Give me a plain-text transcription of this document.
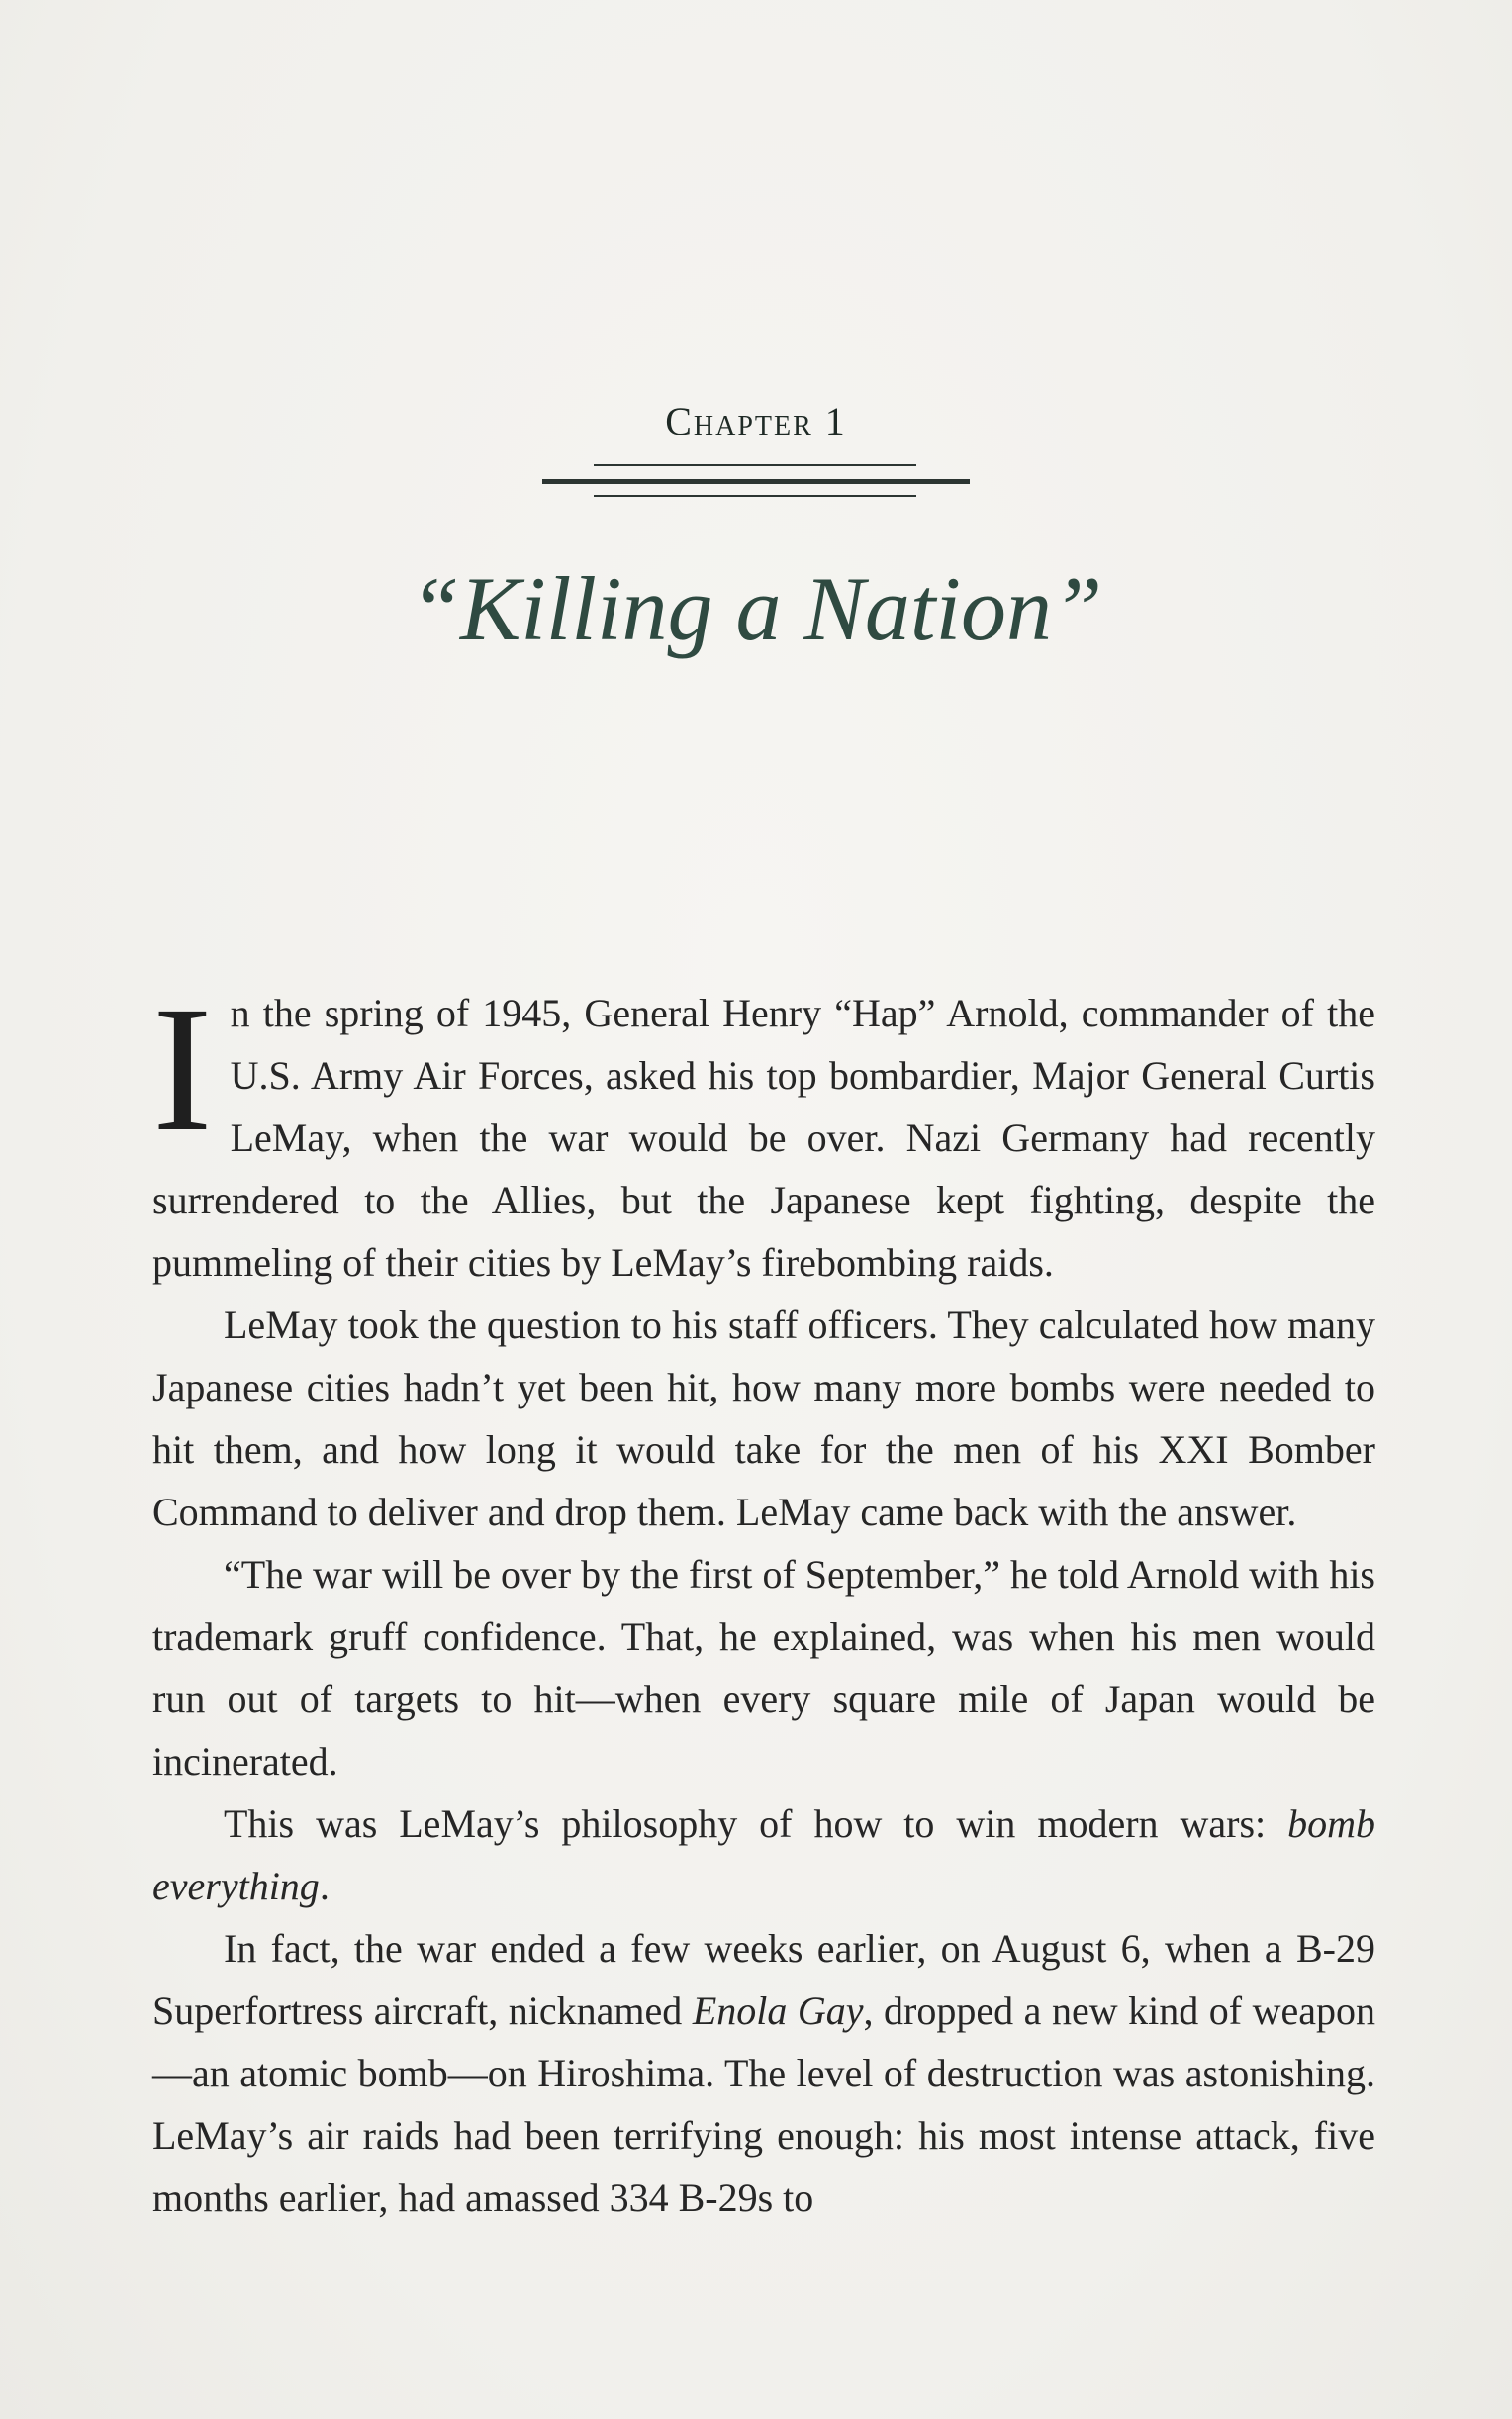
Chapter 1
“Killing a Nation”

In the spring of 1945, General Henry “Hap” Arnold, commander of the U.S. Army Air Forces, asked his top bombardier, Major General Curtis LeMay, when the war would be over. Nazi Germany had recently surrendered to the Allies, but the Japanese kept fighting, despite the pummeling of their cities by LeMay’s firebombing raids.

LeMay took the question to his staff officers. They calculated how many Japanese cities hadn’t yet been hit, how many more bombs were needed to hit them, and how long it would take for the men of his XXI Bomber Command to deliver and drop them. LeMay came back with the answer.

“The war will be over by the first of September,” he told Arnold with his trademark gruff confidence. That, he explained, was when his men would run out of targets to hit—when every square mile of Japan would be incinerated.

This was LeMay’s philosophy of how to win modern wars: bomb everything.

In fact, the war ended a few weeks earlier, on August 6, when a B-29 Superfortress aircraft, nicknamed Enola Gay, dropped a new kind of weapon—an atomic bomb—on Hiroshima. The level of destruction was astonishing. LeMay’s air raids had been terrifying enough: his most intense attack, five months earlier, had amassed 334 B-29s to
